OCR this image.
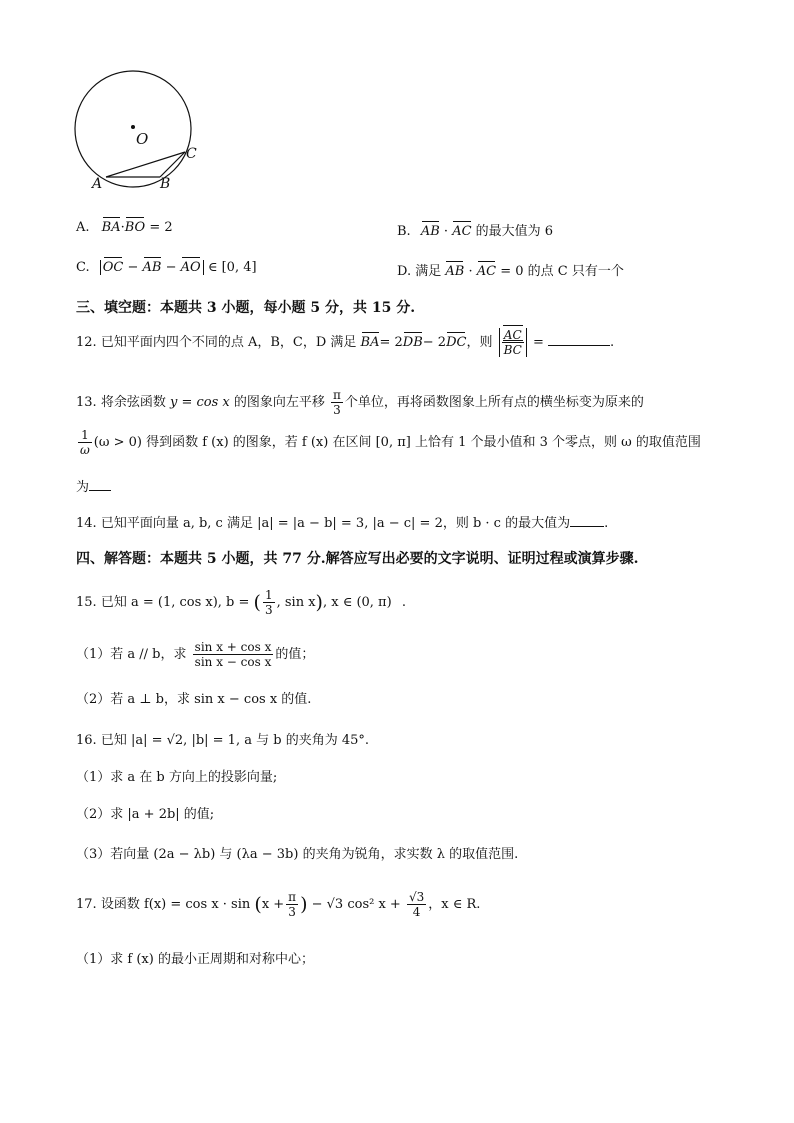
O
A	B
C
A. BA·BO = 2	B. AB · AC 的最大值为 6
C. OC − AB − AO ∈ [0, 4]	D. 满足 AB · AC = 0 的点 C 只有一个
三、填空题：本题共 3 小题，每小题 5 分，共 15 分.
12. 已知平面内四个不同的点 A，B，C，D 满足 BA= 2DB− 2DC，则 $\frac{AC}{BC}$ =	.
13. 将余弦函数 y = cos x 的图象向左平移 $\frac{\pi}{3}$ 个单位，再将函数图象上所有点的横坐标变为原来的
$\frac{1}{\omega} (\omega > 0)$ 得到函数 f (x) 的图象，若 f (x) 在区间 [0, π] 上恰有 1 个最小值和 3 个零点，则 ω 的取值范围
为
14. 已知平面向量 a, b, c 满足 |a| = |a − b| = 3, |a − c| = 2，则 b · c 的最大值为	.
四、解答题：本题共 5 小题，共 77 分.解答应写出必要的文字说明、证明过程或演算步骤.
15. 已知 a = (1, cos x), b = ( $\frac{1}{3}$ , sin x), x ∈ (0, π) .
（1）若 a // b，求 $\frac{\text{sin x + cos x}}{\text{sin x − cos x}}$ 的值；
（2）若 a ⊥ b，求 sin x − cos x 的值.
16. 已知 |a| = √2, |b| = 1, a 与 b 的夹角为 45°.
（1）求 a 在 b 方向上的投影向量;
（2）求 |a + 2b| 的值;
（3）若向量 (2a − λb) 与 (λa − 3b) 的夹角为锐角，求实数 λ 的取值范围.
17. 设函数 $f(x) = \cos x \cdot \sin (x + \frac{\pi}{3}$ ) − √3 cos² $x + \frac{√3}{4}$ ，x ∈ R.
（1）求 f (x) 的最小正周期和对称中心；
